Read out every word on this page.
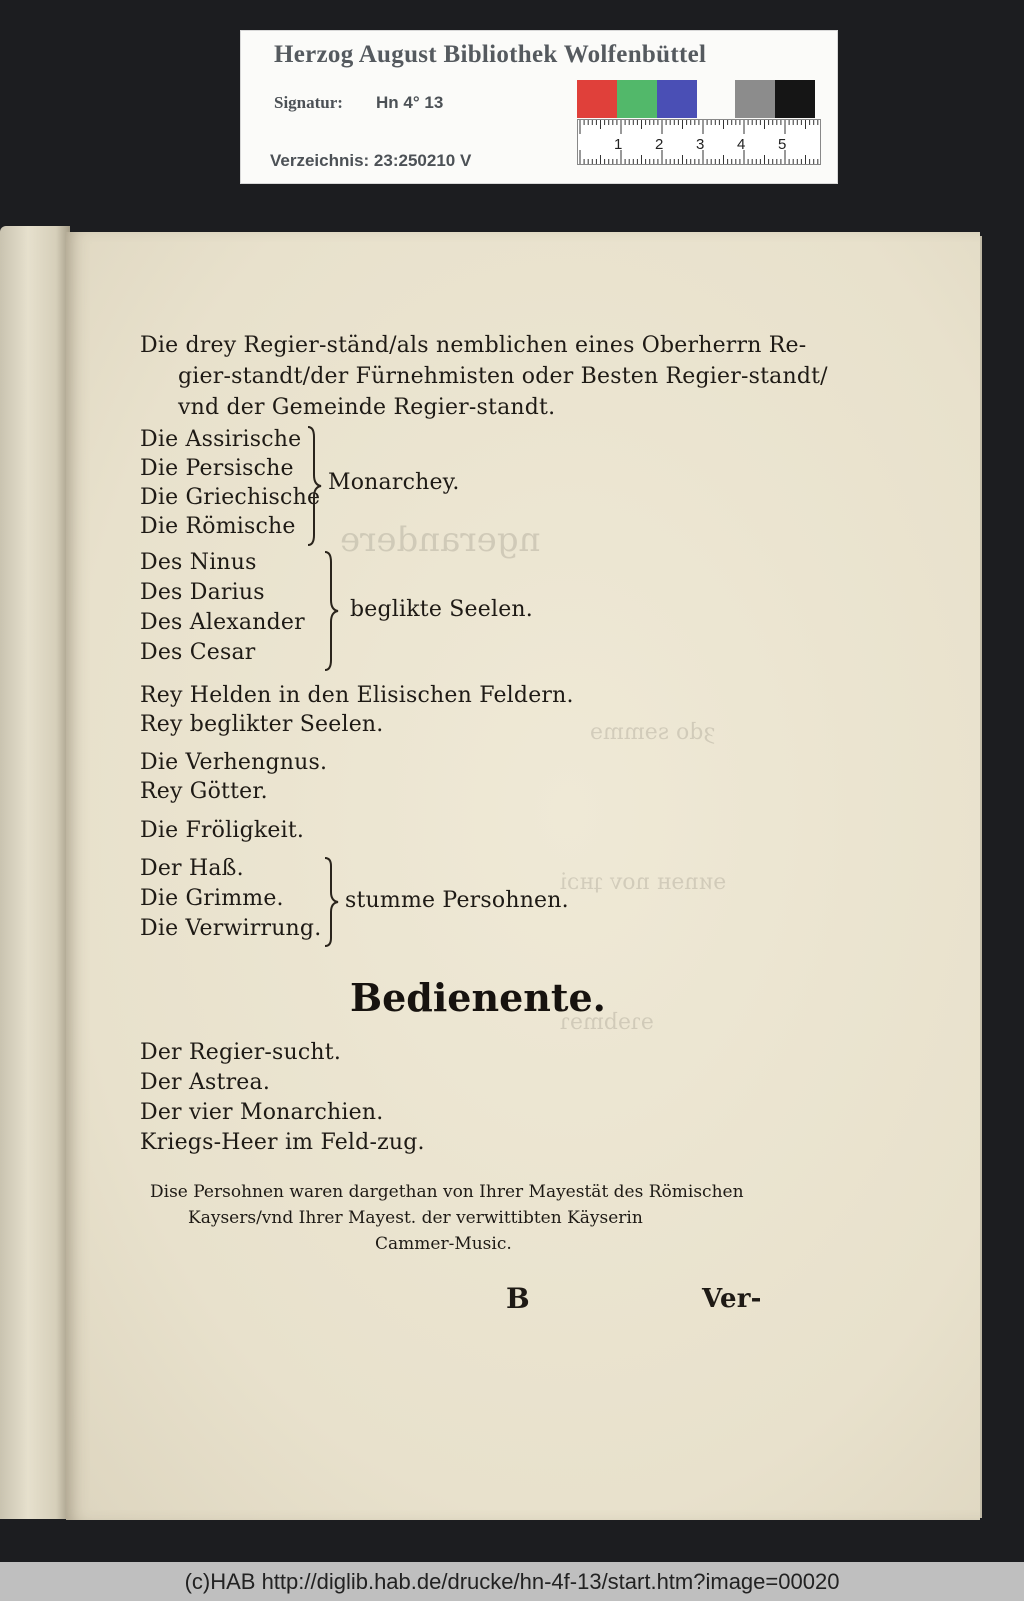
Herzog August Bibliothek Wolfenbüttel
Signatur: Hn 4° 13
Verzeichnis: 23:250210 V
1 2 3 4 5
ngerandere
ȝdo sɘmmɘ
ɘᴎnɘʜ nov ʇʜɔi
ɘɿɘbmɘɿ
Die drey Regier-ständ/als nemblichen eines Oberherrn Re-
gier-standt/der Fürnehmisten oder Besten Regier-standt/
vnd der Gemeinde Regier-standt.
Die Assirische
Die Persische
Die Griechische
Die Römische
Monarchey.
Des Ninus
Des Darius
Des Alexander
Des Cesar
beglikte Seelen.
Rey Helden in den Elisischen Feldern.
Rey beglikter Seelen.
Die Verhengnus.
Rey Götter.
Die Fröligkeit.
Der Haß.
Die Grimme.
Die Verwirrung.
stumme Persohnen.
Bedienente.
Der Regier-sucht.
Der Astrea.
Der vier Monarchien.
Kriegs-Heer im Feld-zug.
Dise Persohnen waren dargethan von Ihrer Mayestät des Römischen
Kaysers/vnd Ihrer Mayest. der verwittibten Käyserin
Cammer-Music.
B	Ver-
(c)HAB http://diglib.hab.de/drucke/hn-4f-13/start.htm?image=00020
